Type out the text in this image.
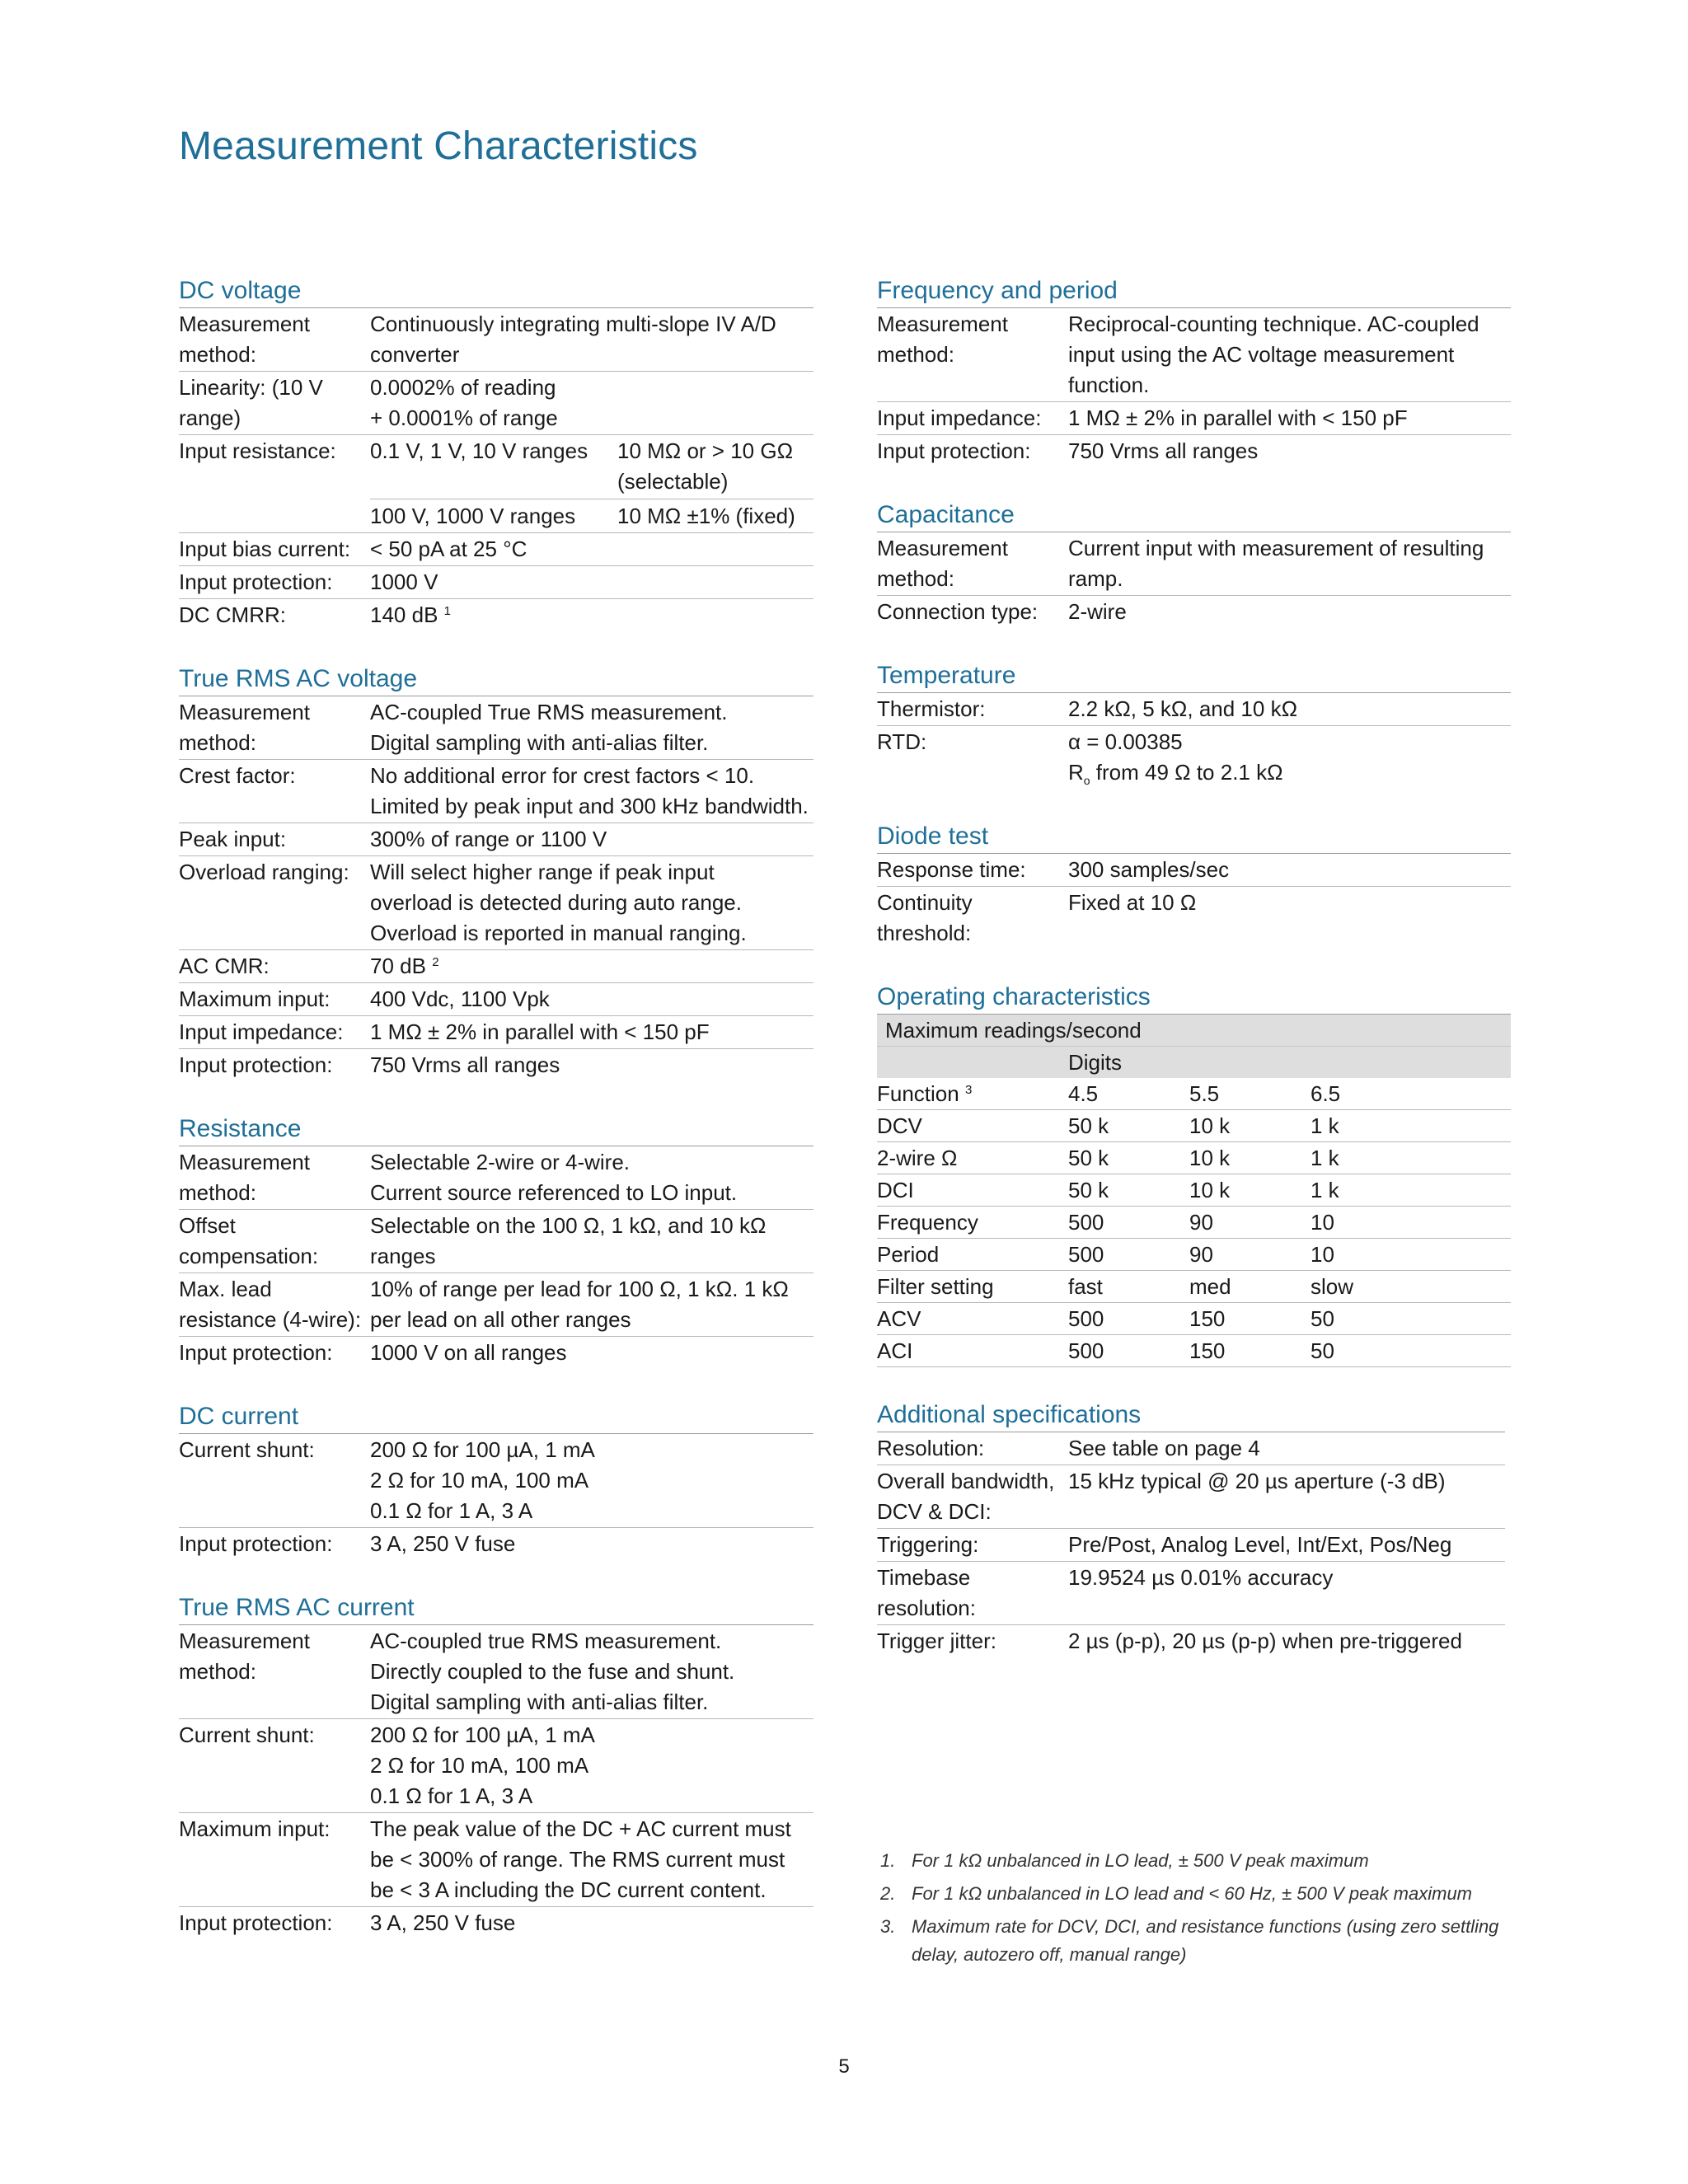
Measurement Characteristics
DC voltage
Measurement method:
Continuously integrating multi-slope IV A/D converter
Linearity: (10 V range)
0.0002% of reading
+ 0.0001% of range
Input resistance:	0.1 V, 1 V, 10 V ranges	10 MΩ or > 10 GΩ (selectable)
100 V, 1000 V ranges	10 MΩ ±1% (fixed)
Input bias current: < 50 pA at 25 °C
Input protection:	1000 V
DC CMRR:	140 dB $^1$
True RMS AC voltage
Measurement method:
AC-coupled True RMS measurement.
Digital sampling with anti-alias filter.
Crest factor:	No additional error for crest factors < 10.
Limited by peak input and 300 kHz bandwidth.
Peak input:	300% of range or 1100 V
Overload ranging: Will select higher range if peak input
overload is detected during auto range.
Overload is reported in manual ranging.
AC CMR:	70 dB $^2$
Maximum input:	400 Vdc, 1100 Vpk
Input impedance:	1 MΩ ± 2% in parallel with < 150 pF
Input protection:	750 Vrms all ranges
Resistance
Measurement method:
Selectable 2-wire or 4-wire.
Current source referenced to LO input.
Offset compensation:
Selectable on the 100 Ω, 1 kΩ, and 10 kΩ ranges
Max. lead resistance (4-wire):
10% of range per lead for 100 Ω, 1 kΩ. 1 kΩ per lead on all other ranges
Input protection:	1000 V on all ranges
DC current
Current shunt:	200 Ω for 100 µA, 1 mA
2 Ω for 10 mA, 100 mA
0.1 Ω for 1 A, 3 A
Input protection:	3 A, 250 V fuse
True RMS AC current
Measurement method:
AC-coupled true RMS measurement.
Directly coupled to the fuse and shunt.
Digital sampling with anti-alias filter.
Current shunt:	200 Ω for 100 µA, 1 mA
2 Ω for 10 mA, 100 mA
0.1 Ω for 1 A, 3 A
Maximum input:	The peak value of the DC + AC current must
be < 300% of range. The RMS current must
be < 3 A including the DC current content.
Input protection:	3 A, 250 V fuse
Frequency and period
Measurement method:
Reciprocal-counting technique. AC-coupled input using the AC voltage measurement function.
Input impedance:	1 MΩ ± 2% in parallel with < 150 pF
Input protection:	750 Vrms all ranges
Capacitance
Measurement method:
Current input with measurement of resulting ramp.
Connection type:	2-wire
Temperature
Thermistor:	2.2 kΩ, 5 kΩ, and 10 kΩ
RTD:	α = 0.00385
$R_o$ from 49 Ω to 2.1 kΩ
Diode test
Response time:	300 samples/sec
Continuity threshold:
Fixed at 10 Ω
Operating characteristics
Maximum readings/second
Digits
Function $^3$	4.5	5.5	6.5
DCV	50 k	10 k	1 k
2-wire Ω	50 k	10 k	1 k
DCI	50 k	10 k	1 k
Frequency	500	90	10
Period	500	90	10
Filter setting	fast	med	slow
ACV	500	150	50
ACI	500	150	50
Additional specifications
Resolution:	See table on page 4
Overall bandwidth, DCV & DCI:
15 kHz typical @ 20 µs aperture (-3 dB)
Triggering:	Pre/Post, Analog Level, Int/Ext, Pos/Neg
Timebase resolution:
19.9524 µs 0.01% accuracy
Trigger jitter:	2 µs (p-p), 20 µs (p-p) when pre-triggered
1. For 1 kΩ unbalanced in LO lead, ± 500 V peak maximum
2. For 1 kΩ unbalanced in LO lead and < 60 Hz, ± 500 V peak maximum
3. Maximum rate for DCV, DCI, and resistance functions (using zero settling delay, autozero off, manual range)
5
